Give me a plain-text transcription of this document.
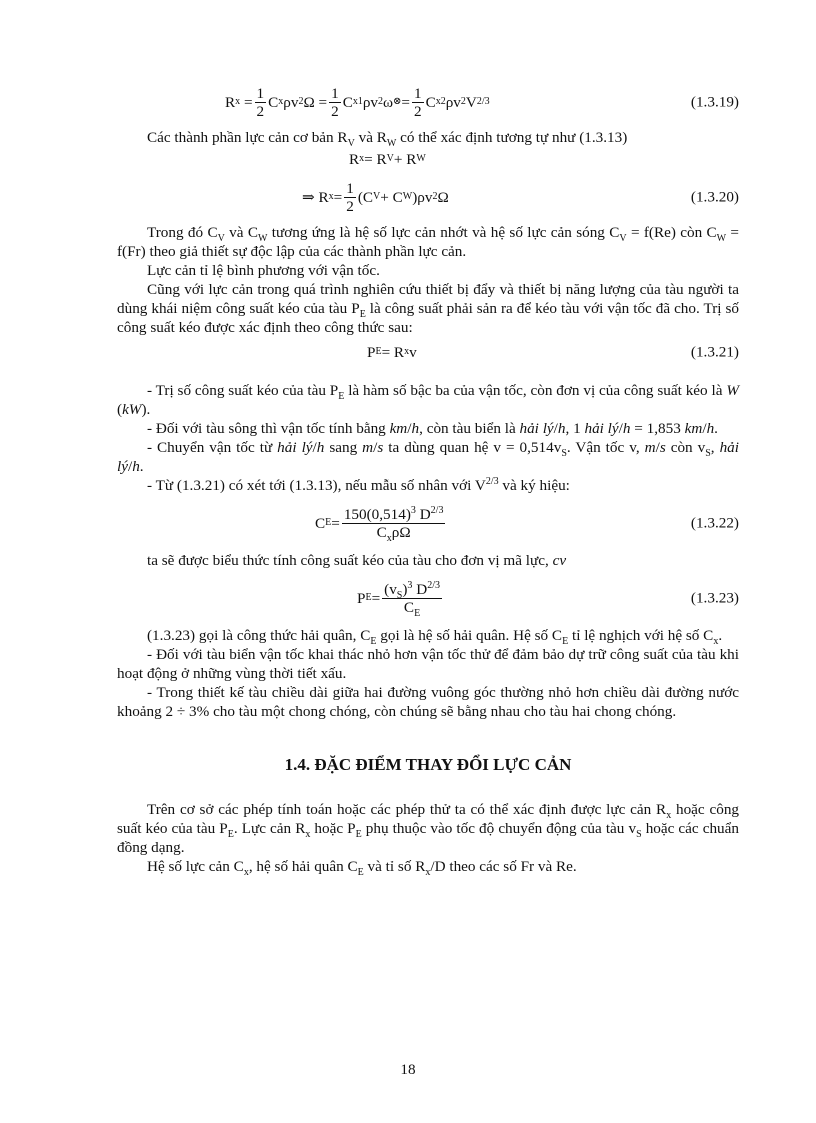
R $x = \frac{1}{2}$ C x ρv 2 $\Omega = \frac{1}{2}$ C x1 ρv 2 ω ⊗ = $\frac{1}{2}$ C x2 ρv 2 V 2/3	(1.3.19)

Các thành phần lực cản cơ bản $R_V$ và $R_W$ có thể xác định tương tự như (1.3.13)

R x = R V + R W
⇒ R $x = \frac{1}{2} (C$ V + C W )ρv 2 Ω	(1.3.20)

Trong đó $C_V$ và $C_W$ tương ứng là hệ số lực cản nhớt và hệ số lực cản sóng $C_V = f(Re)$ còn $C_W = f(Fr)$ theo giả thiết sự độc lập của các thành phần lực cản.

Lực cản tỉ lệ bình phương với vận tốc.

Cũng với lực cản trong quá trình nghiên cứu thiết bị đẩy và thiết bị năng lượng của tàu người ta dùng khái niệm công suất kéo của tàu $P_E$ là công suất phải sản ra để kéo tàu với vận tốc đã cho. Trị số công suất kéo được xác định theo công thức sau:

P E = R x v	(1.3.21)

- Trị số công suất kéo của tàu $P_E$ là hàm số bậc ba của vận tốc, còn đơn vị của công suất kéo là W (kW).

- Đối với tàu sông thì vận tốc tính bằng km/h, còn tàu biển là hải lý/h, 1 hải lý/h = 1,853 km/h.

- Chuyển vận tốc từ hải lý/h sang m/s ta dùng quan hệ $v = 0,514v_S$. Vận tốc v, m/s còn $v_S$, hải lý/h.

- Từ (1.3.21) có xét tới (1.3.13), nếu mẫu số nhân với $V^{2/3}$ và ký hiệu:

C $E = \frac{150(0,514)^3 D^{2/3}}{C_x\rho\Omega}$	(1.3.22)

ta sẽ được biểu thức tính công suất kéo của tàu cho đơn vị mã lực, cv

P $E = \frac{(v_S)^3 D^{2/3}}{C_E}$	(1.3.23)

(1.3.23) gọi là công thức hải quân, $C_E$ gọi là hệ số hải quân. Hệ số $C_E$ tỉ lệ nghịch với hệ số $C_x$.

- Đối với tàu biển vận tốc khai thác nhỏ hơn vận tốc thử để đảm bảo dự trữ công suất của tàu khi hoạt động ở những vùng thời tiết xấu.

- Trong thiết kế tàu chiều dài giữa hai đường vuông góc thường nhỏ hơn chiều dài đường nước khoảng 2 ÷ 3% cho tàu một chong chóng, còn chúng sẽ bằng nhau cho tàu hai chong chóng.

1.4. ĐẶC ĐIỂM THAY ĐỔI LỰC CẢN

Trên cơ sở các phép tính toán hoặc các phép thử ta có thể xác định được lực cản $R_x$ hoặc công suất kéo của tàu $P_E$. Lực cản $R_x$ hoặc $P_E$ phụ thuộc vào tốc độ chuyển động của tàu $v_S$ hoặc các chuẩn đồng dạng.

Hệ số lực cản $C_x$, hệ số hải quân $C_E$ và tỉ số $R_x/D$ theo các số Fr và Re.

18
